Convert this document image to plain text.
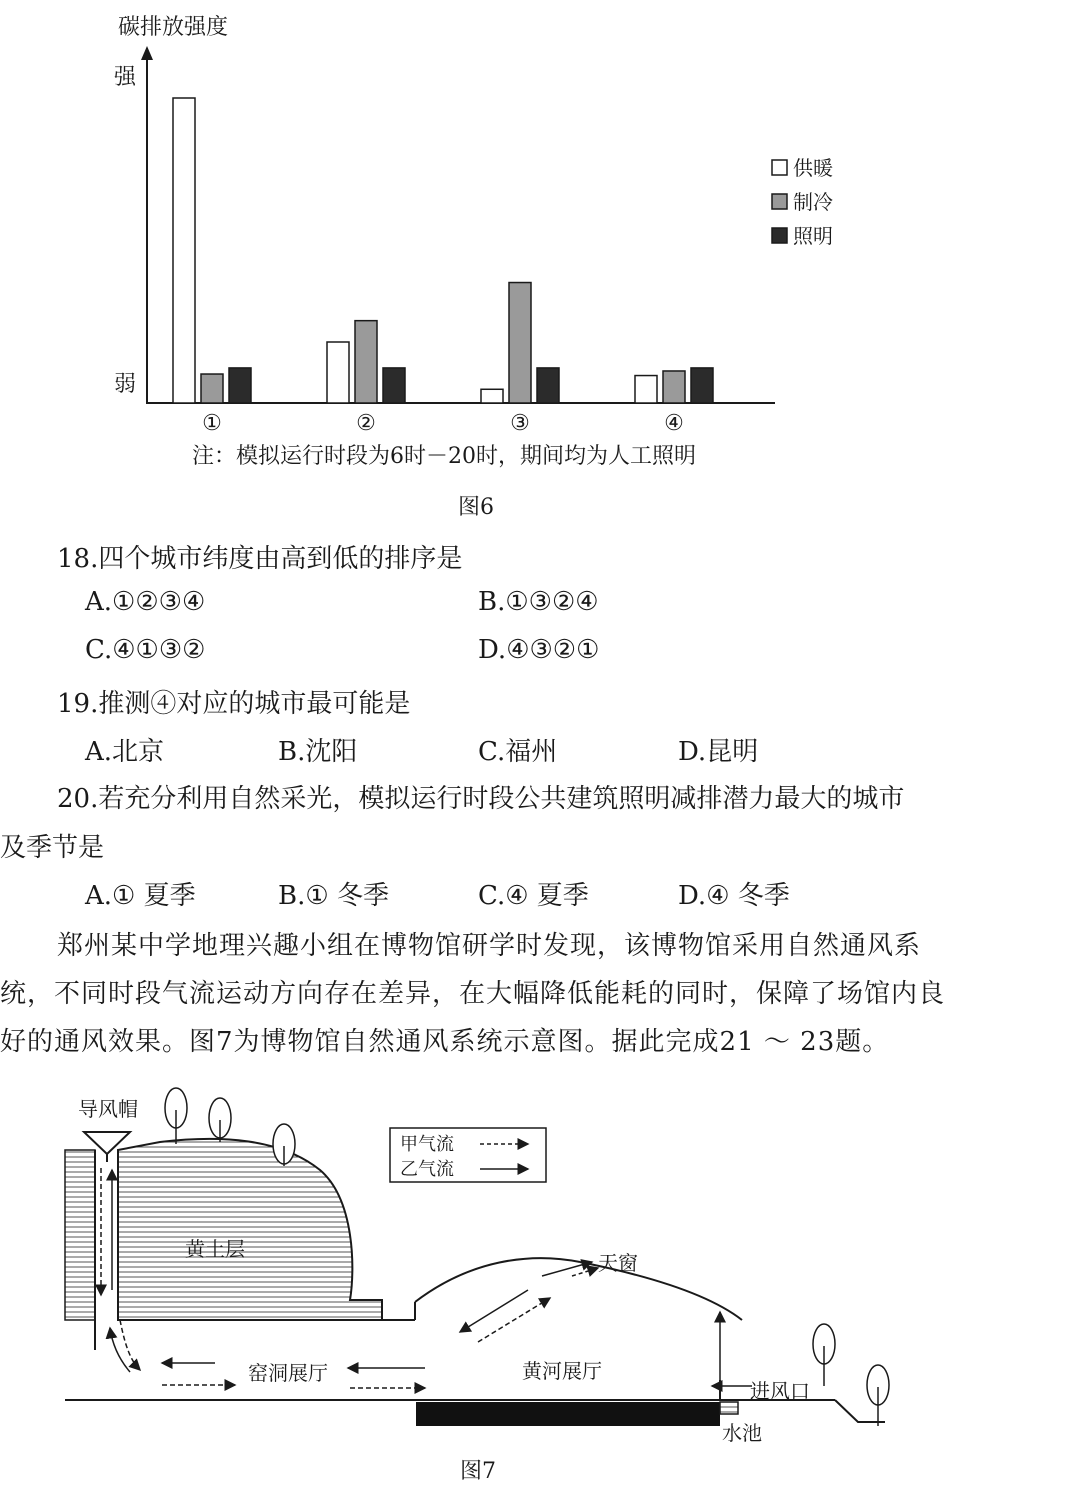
碳排放强度
强
弱
①	②	③	④
供暖
制冷
照明
注：模拟运行时段为6时－20时，期间均为人工照明
图6
18.四个城市纬度由高到低的排序是
A.①②③④	B.①③②④
C.④①③②	D.④③②①
19.推测④对应的城市最可能是
A.北京	B.沈阳	C.福州	D.昆明
20.若充分利用自然采光，模拟运行时段公共建筑照明减排潜力最大的城市
及季节是
A.① 夏季	B.① 冬季	C.④ 夏季	D.④ 冬季
郑州某中学地理兴趣小组在博物馆研学时发现，该博物馆采用自然通风系
统，不同时段气流运动方向存在差异，在大幅降低能耗的同时，保障了场馆内良
好的通风效果。图7为博物馆自然通风系统示意图。据此完成21 ～ 23题。
黄土层
导风帽
甲气流
乙气流
天窗
水池
进风口
窑洞展厅	黄河展厅
图7
